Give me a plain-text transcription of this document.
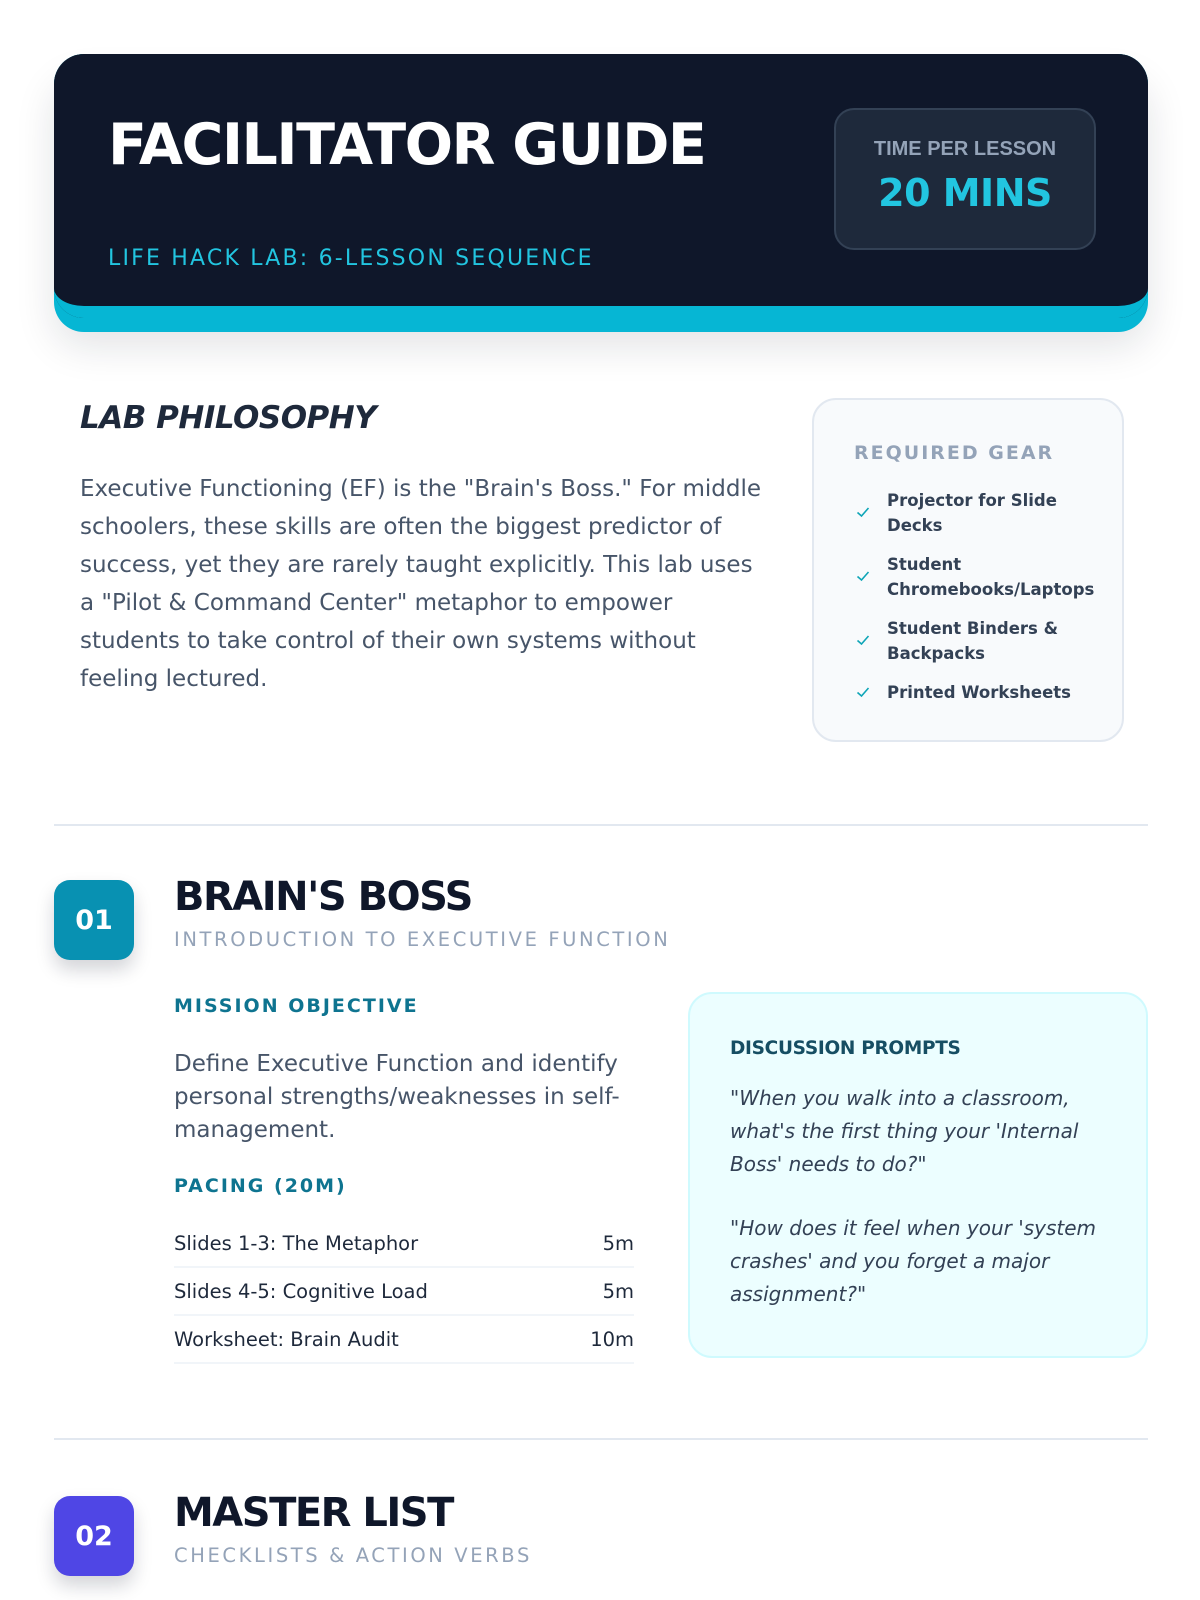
FACILITATOR GUIDE
LIFE HACK LAB: 6-LESSON SEQUENCE
TIME PER LESSON
20 MINS
LAB PHILOSOPHY

Executive Functioning (EF) is the "Brain's Boss." For middle schoolers, these skills are often the biggest predictor of success, yet they are rarely taught explicitly. This lab uses a "Pilot & Command Center" metaphor to empower students to take control of their own systems without feeling lectured.

REQUIRED GEAR
Projector for Slide Decks
Student Chromebooks/Laptops
Student Binders & Backpacks
Printed Worksheets
01	BRAIN'S BOSS
INTRODUCTION TO EXECUTIVE FUNCTION
MISSION OBJECTIVE

Define Executive Function and identify personal strengths/weaknesses in self-management.

PACING (20M)
Slides 1-3: The Metaphor	5m
Slides 4-5: Cognitive Load	5m
Worksheet: Brain Audit	10m
DISCUSSION PROMPTS

"When you walk into a classroom, what's the first thing your 'Internal Boss' needs to do?"

"How does it feel when your 'system crashes' and you forget a major assignment?"

02	MASTER LIST
CHECKLISTS & ACTION VERBS
